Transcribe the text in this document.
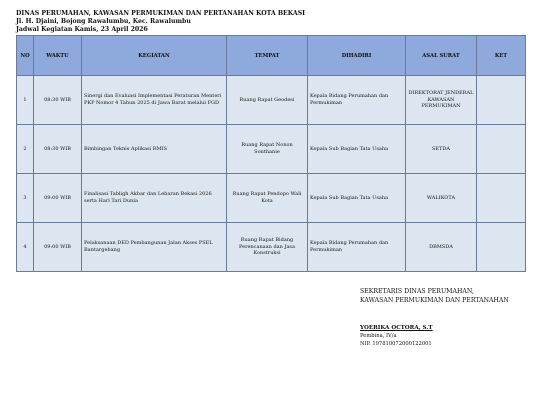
DINAS PERUMAHAN, KAWASAN PERMUKIMAN DAN PERTANAHAN KOTA BEKASI
Jl. H. Djaini, Bojong Rawalumbu, Kec. Rawalumbu
Jadwal Kegiatan Kamis, 23 April 2026
NO	WAKTU	KEGIATAN	TEMPAT	DIHADIRI	ASAL SURAT	KET
1	08:30 WIB	Sinergi dan Evaluasi Implementasi Peraturan Menteri PKP Nomor 4 Tahun 2025 di Jawa Barat melalui FGD	Ruang Rapat Geodesi	Kepala Bidang Perumahan dan Permukiman	DIREKTORAT JENDERAL KAWASAN PERMUKIMAN	
2	08:30 WIB	Bimbingan Teknis Aplikasi RMIS	Ruang Rapat Nonon Sonthanie	Kepala Sub Bagian Tata Usaha	SETDA	
3	09:00 WIB	Finalisasi Tabligh Akbar dan Lebaran Bekasi 2026 serta Hari Tari Dunia	Ruang Rapat Pendopo Wali Kota	Kepala Sub Bagian Tata Usaha	WALIKOTA	
4	09:00 WIB	Pelaksanaan DED Pembangunan Jalan Akses PSEL Bantargebang	Ruang Rapat Bidang Perencanaan dan Jasa Konstruksi	Kepala Bidang Perumahan dan Permukiman	DBMSDA	
SEKRETARIS DINAS PERUMAHAN,
KAWASAN PERMUKIMAN DAN PERTANAHAN
YOERIKA OCTORA, S.T
Pembina, IV/a
NIP. 197810072000122001
